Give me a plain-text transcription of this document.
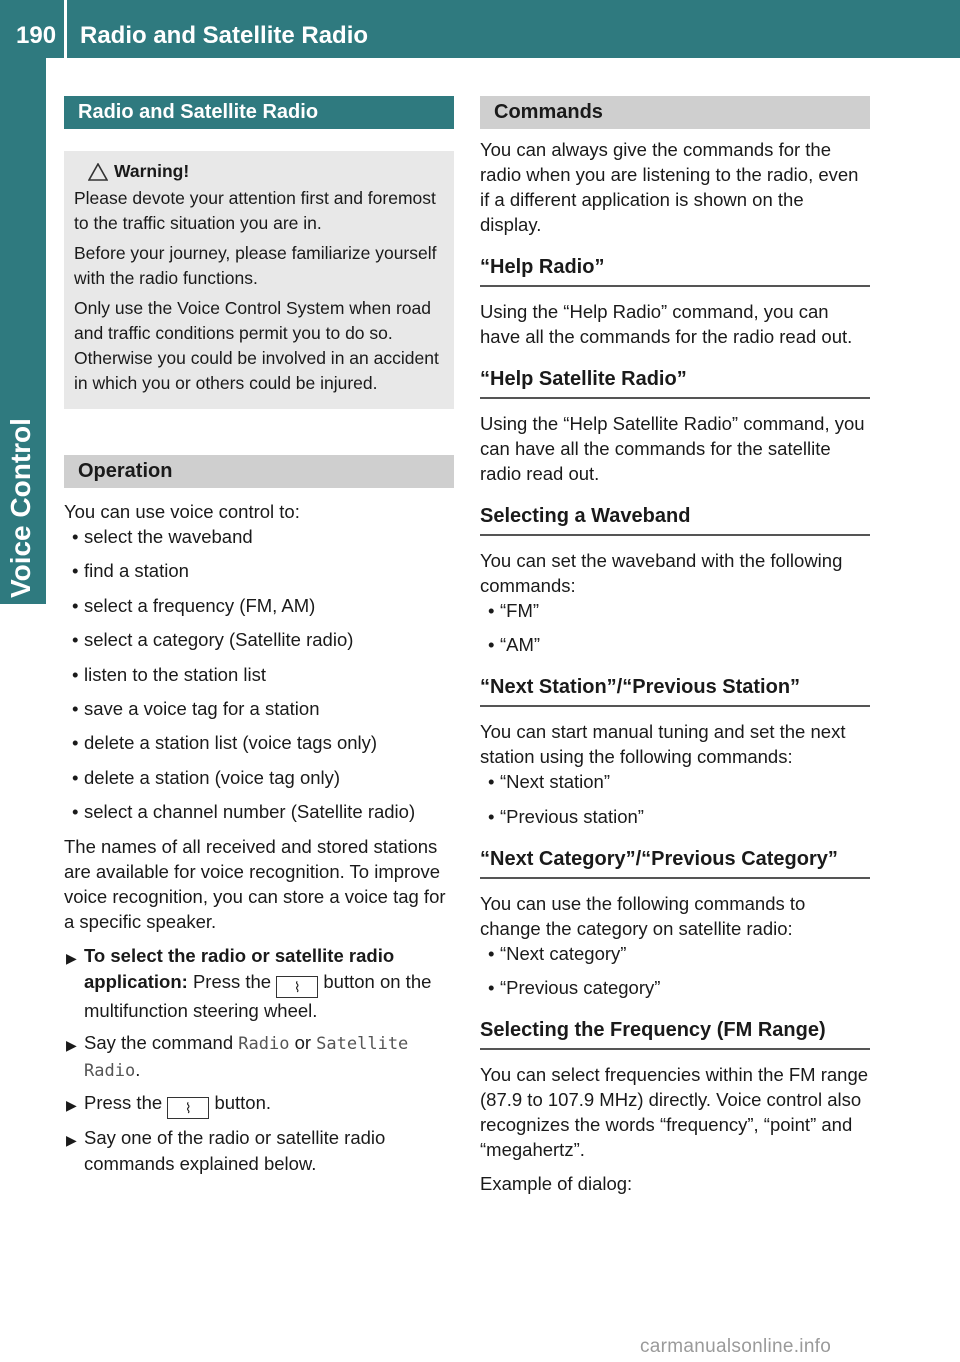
190 Radio and Satellite Radio
Voice Control
Radio and Satellite Radio
Warning!

Please devote your attention first and foremost to the traffic situation you are in.

Before your journey, please familiarize yourself with the radio functions.

Only use the Voice Control System when road and traffic conditions permit you to do so. Otherwise you could be involved in an accident in which you or others could be injured.

Operation

You can use voice control to:

• select the waveband
• find a station
• select a frequency (FM, AM)
• select a category (Satellite radio)
• listen to the station list
• save a voice tag for a station
• delete a station list (voice tags only)
• delete a station (voice tag only)
• select a channel number (Satellite radio)

The names of all received and stored stations are available for voice recognition. To improve voice recognition, you can store a voice tag for a specific speaker.

▶ To select the radio or satellite radio application: Press the ⌇ button on the multifunction steering wheel.
▶ Say the command Radio or Satellite Radio.
▶ Press the ⌇ button.
▶ Say one of the radio or satellite radio commands explained below.
Commands

You can always give the commands for the radio when you are listening to the radio, even if a different application is shown on the display.

“Help Radio”

Using the “Help Radio” command, you can have all the commands for the radio read out.

“Help Satellite Radio”

Using the “Help Satellite Radio” command, you can have all the commands for the satellite radio read out.

Selecting a Waveband

You can set the waveband with the following commands:

• “FM”
• “AM”
“Next Station”/“Previous Station”

You can start manual tuning and set the next station using the following commands:

• “Next station”
• “Previous station”
“Next Category”/“Previous Category”

You can use the following commands to change the category on satellite radio:

• “Next category”
• “Previous category”
Selecting the Frequency (FM Range)

You can select frequencies within the FM range (87.9 to 107.9 MHz) directly. Voice control also recognizes the words “frequency”, “point” and “megahertz”.

Example of dialog:

carmanualsonline.info
